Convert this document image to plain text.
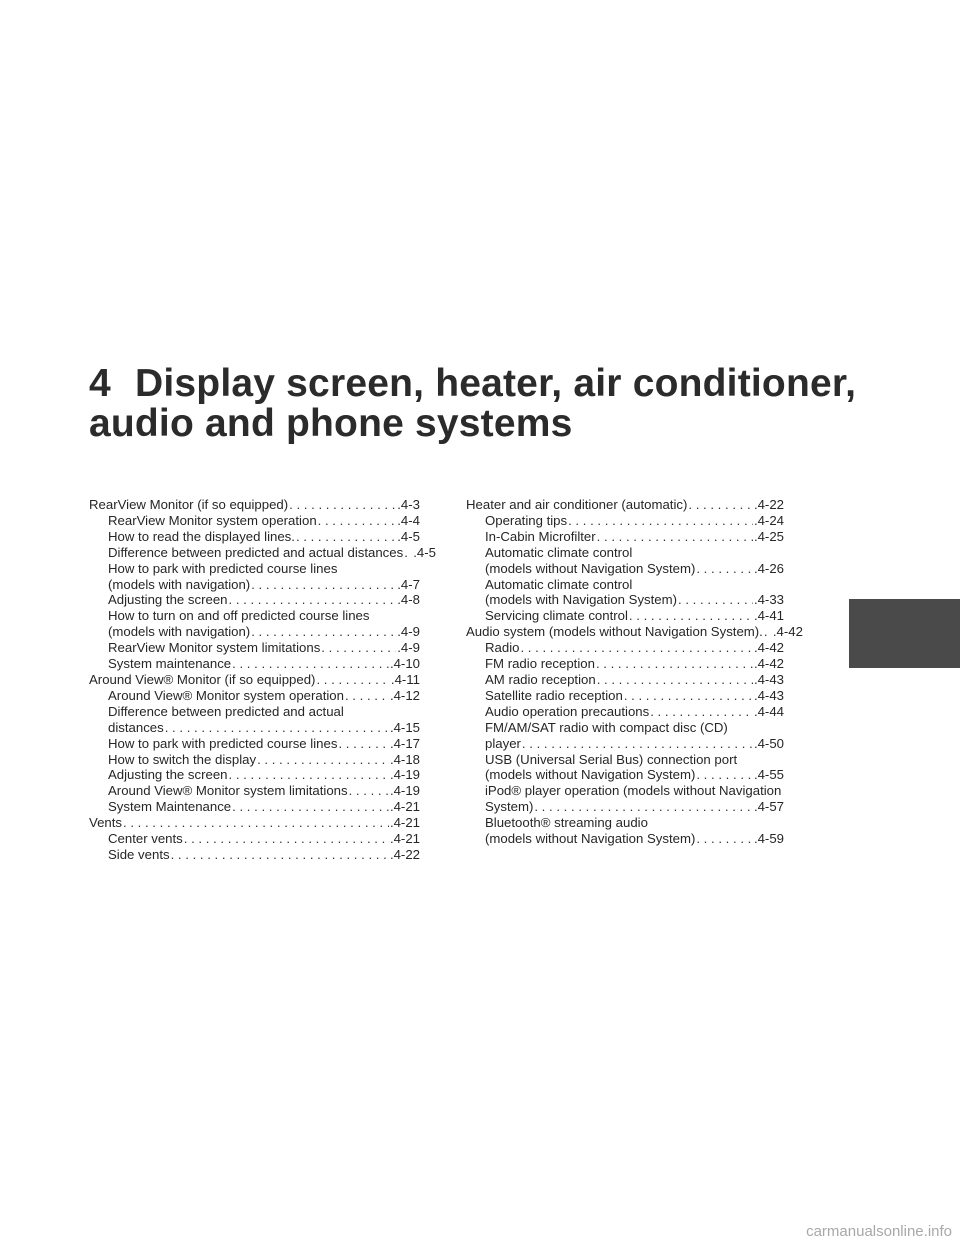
4 Display screen, heater, air conditioner,
audio and phone systems
RearView Monitor (if so equipped) . . .	.4-3
RearView Monitor system operation . . .	.4-4
How to read the displayed lines. . . .	.4-5
Difference between predicted and actual distances . . . .4-5
How to park with predicted course lines
(models with navigation) . . .	.4-7
Adjusting the screen . . .	.4-8
How to turn on and off predicted course lines
(models with navigation) . . .	.4-9
RearView Monitor system limitations . . .	.4-9
System maintenance . . .	.4-10
Around View® Monitor (if so equipped) . . .	.4-11
Around View® Monitor system operation . . .	.4-12
Difference between predicted and actual
distances . . .	.4-15
How to park with predicted course lines . . .	.4-17
How to switch the display . . .	.4-18
Adjusting the screen . . .	.4-19
Around View® Monitor system limitations . . .	.4-19
System Maintenance . . .	.4-21
Vents . . .	.4-21
Center vents . . .	.4-21
Side vents . . .	.4-22
Heater and air conditioner (automatic) . . .	.4-22
Operating tips . . .	.4-24
In-Cabin Microfilter . . .	.4-25
Automatic climate control
(models without Navigation System) . . .	.4-26
Automatic climate control
(models with Navigation System) . . .	.4-33
Servicing climate control . . .	.4-41
Audio system (models without Navigation System). . . . .4-42
Radio . . .	.4-42
FM radio reception . . .	.4-42
AM radio reception . . .	.4-43
Satellite radio reception . . .	.4-43
Audio operation precautions . . .	.4-44
FM/AM/SAT radio with compact disc (CD)
player . . .	.4-50
USB (Universal Serial Bus) connection port
(models without Navigation System) . . .	.4-55
iPod® player operation (models without Navigation
System) . . .	.4-57
Bluetooth® streaming audio
(models without Navigation System) . . .	.4-59
carmanualsonline.info
